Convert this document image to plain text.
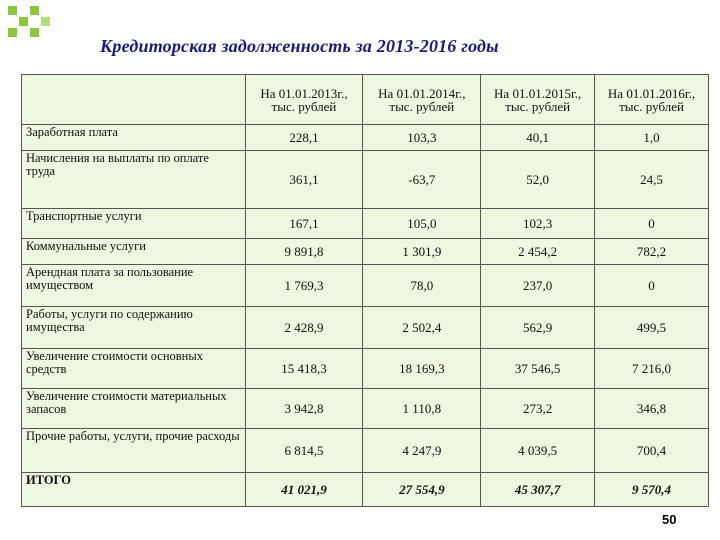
Кредиторская задолженность за 2013-2016 годы
	На 01.01.2013г., тыс. рублей	На 01.01.2014г., тыс. рублей	На 01.01.2015г., тыс. рублей	На 01.01.2016г., тыс. рублей
Заработная плата	228,1	103,3	40,1	1,0
Начисления на выплаты по оплате труда	361,1	-63,7	52,0	24,5
Транспортные услуги	167,1	105,0	102,3	0
Коммунальные услуги	9 891,8	1 301,9	2 454,2	782,2
Арендная плата за пользование имуществом	1 769,3	78,0	237,0	0
Работы, услуги по содержанию имущества	2 428,9	2 502,4	562,9	499,5
Увеличение стоимости основных средств	15 418,3	18 169,3	37 546,5	7 216,0
Увеличение стоимости материальных запасов	3 942,8	1 110,8	273,2	346,8
Прочие работы, услуги, прочие расходы	6 814,5	4 247,9	4 039,5	700,4
ИТОГО	41 021,9	27 554,9	45 307,7	9 570,4
50
